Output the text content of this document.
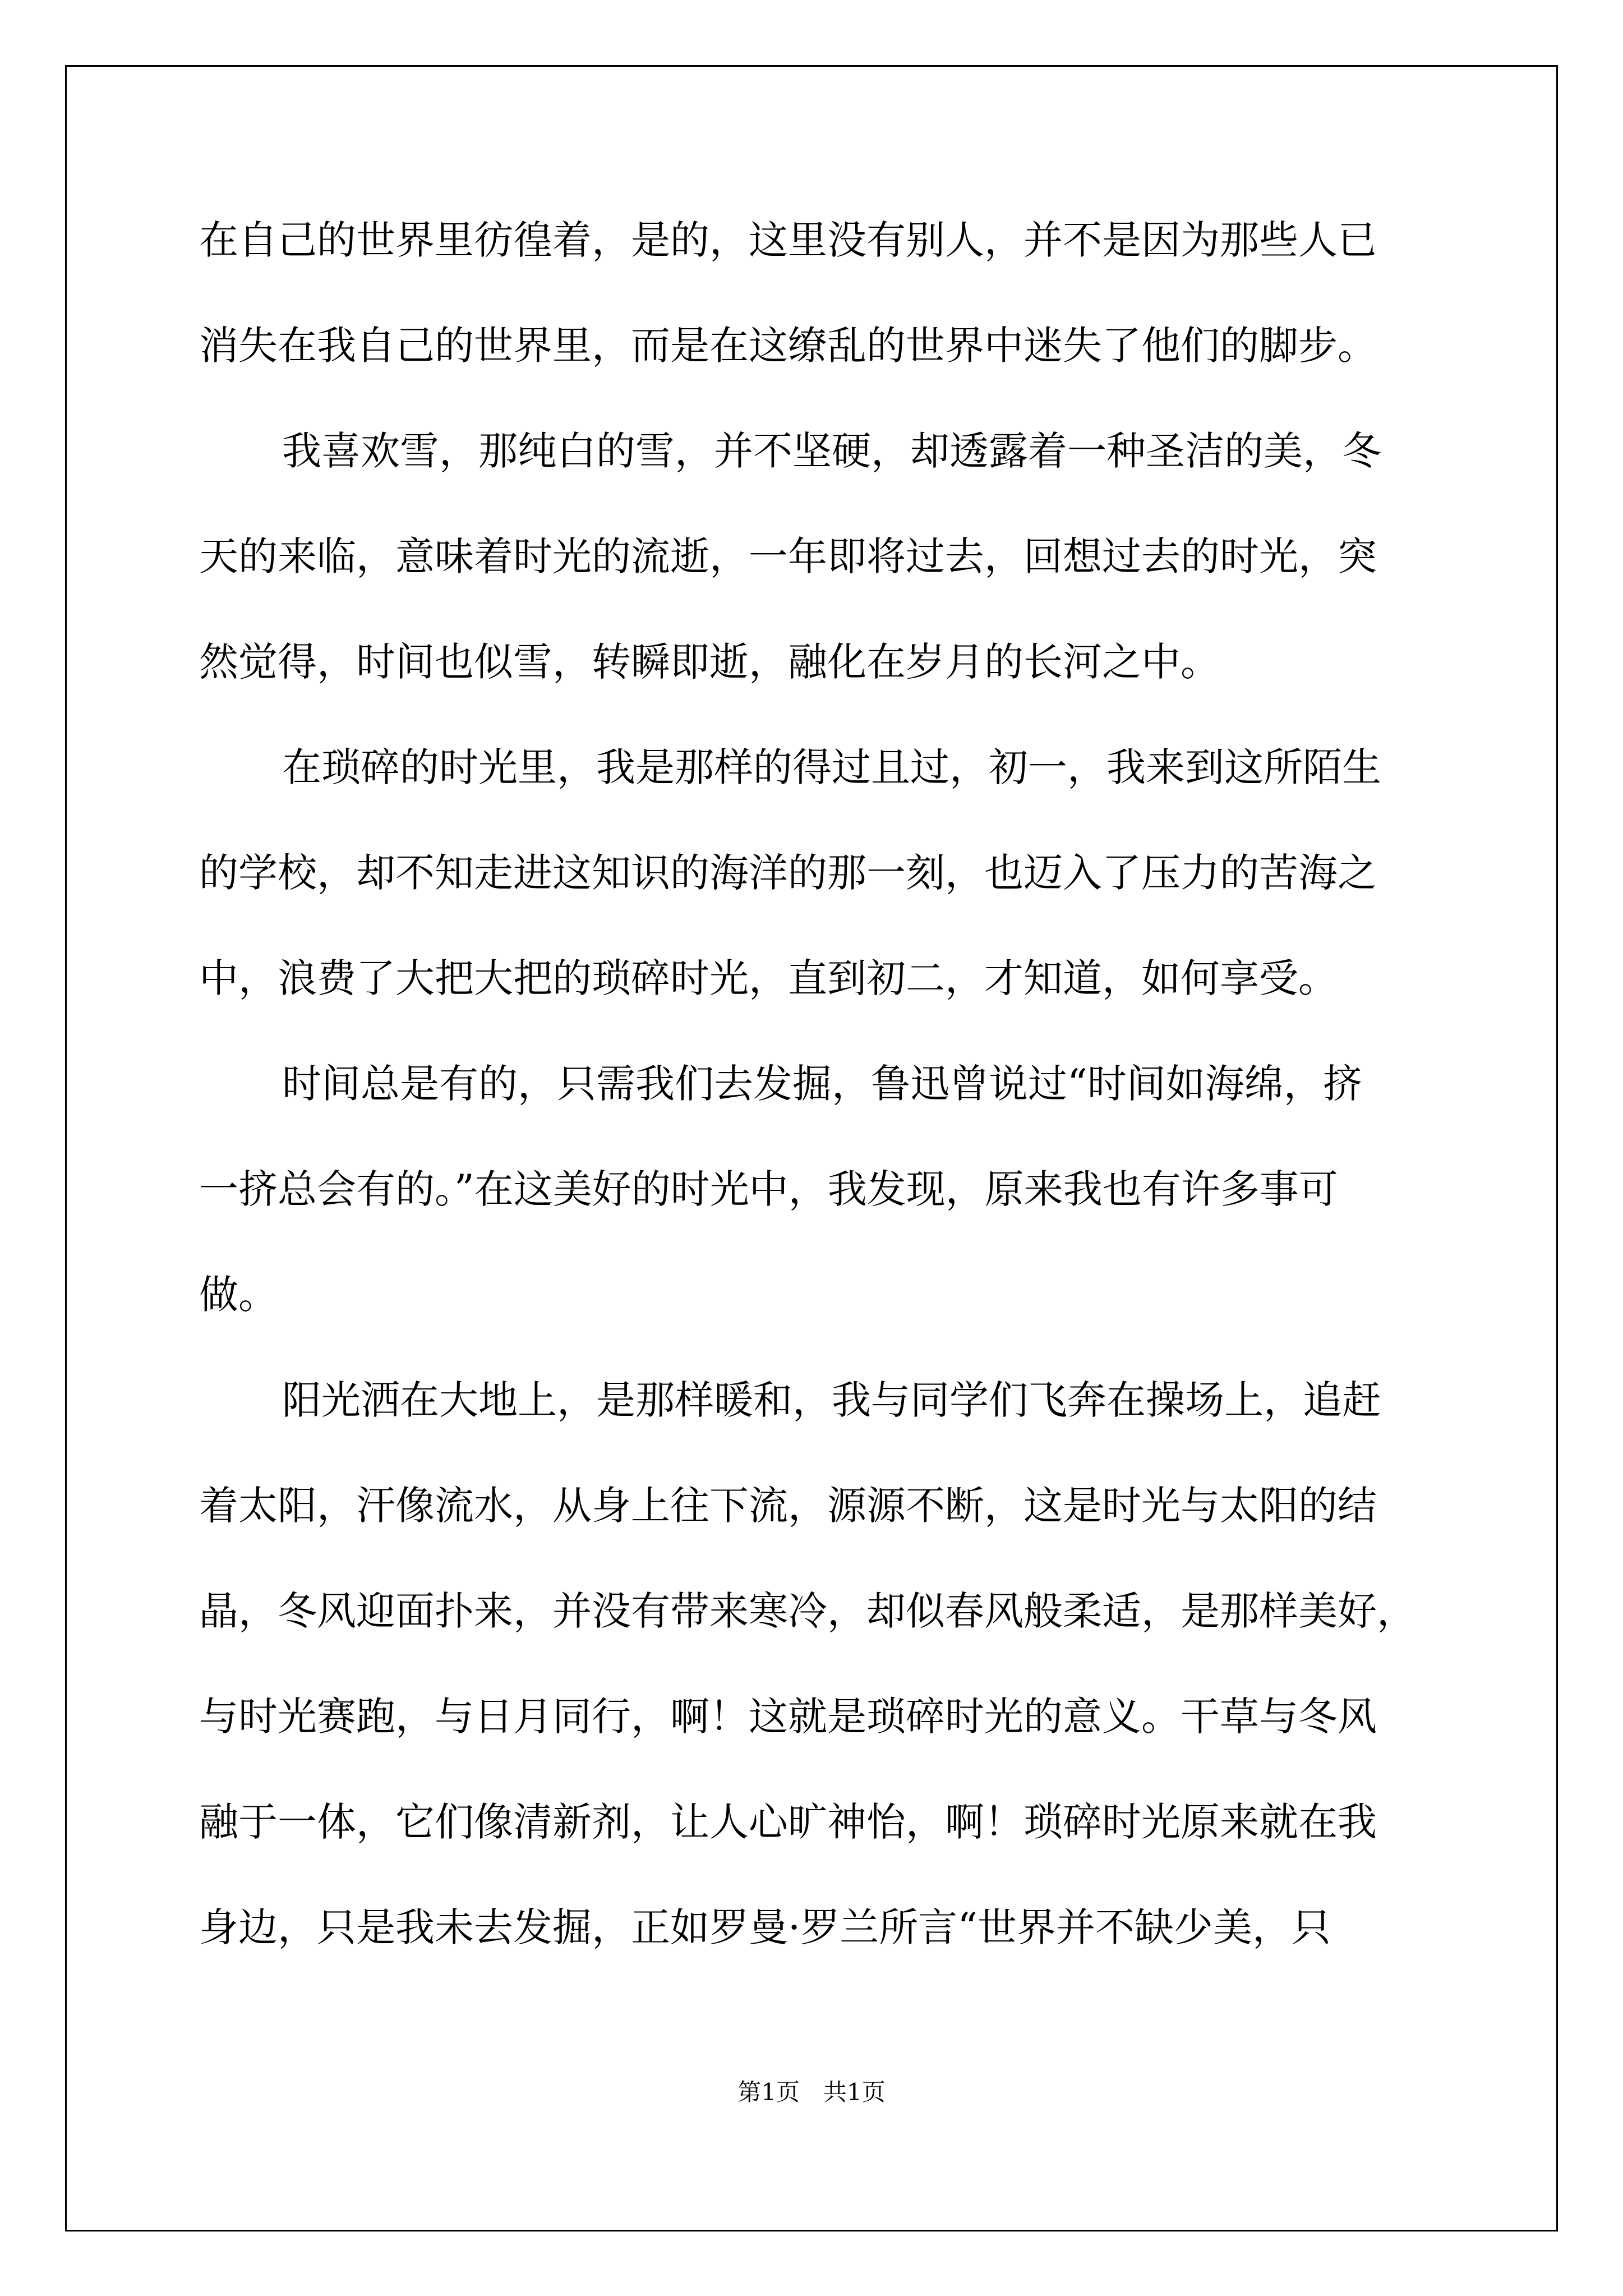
在自己的世界里彷徨着，是的，这里没有别人，并不是因为那些人已
消失在我自己的世界里，而是在这缭乱的世界中迷失了他们的脚步。
我喜欢雪，那纯白的雪，并不坚硬，却透露着一种圣洁的美，冬
天的来临，意味着时光的流逝，一年即将过去，回想过去的时光，突
然觉得，时间也似雪，转瞬即逝，融化在岁月的长河之中。
在琐碎的时光里，我是那样的得过且过，初一，我来到这所陌生
的学校，却不知走进这知识的海洋的那一刻，也迈入了压力的苦海之
中，浪费了大把大把的琐碎时光，直到初二，才知道，如何享受。
时间总是有的，只需我们去发掘，鲁迅曾说过“时间如海绵，挤
一挤总会有的。”在这美好的时光中，我发现，原来我也有许多事可
做。
阳光洒在大地上，是那样暖和，我与同学们飞奔在操场上，追赶
着太阳，汗像流水，从身上往下流，源源不断，这是时光与太阳的结
晶，冬风迎面扑来，并没有带来寒冷，却似春风般柔适，是那样美好，
与时光赛跑，与日月同行，啊！这就是琐碎时光的意义。干草与冬风
融于一体，它们像清新剂，让人心旷神怡，啊！琐碎时光原来就在我
身边，只是我未去发掘，正如罗曼·罗兰所言“世界并不缺少美，只
第1页　共1页
